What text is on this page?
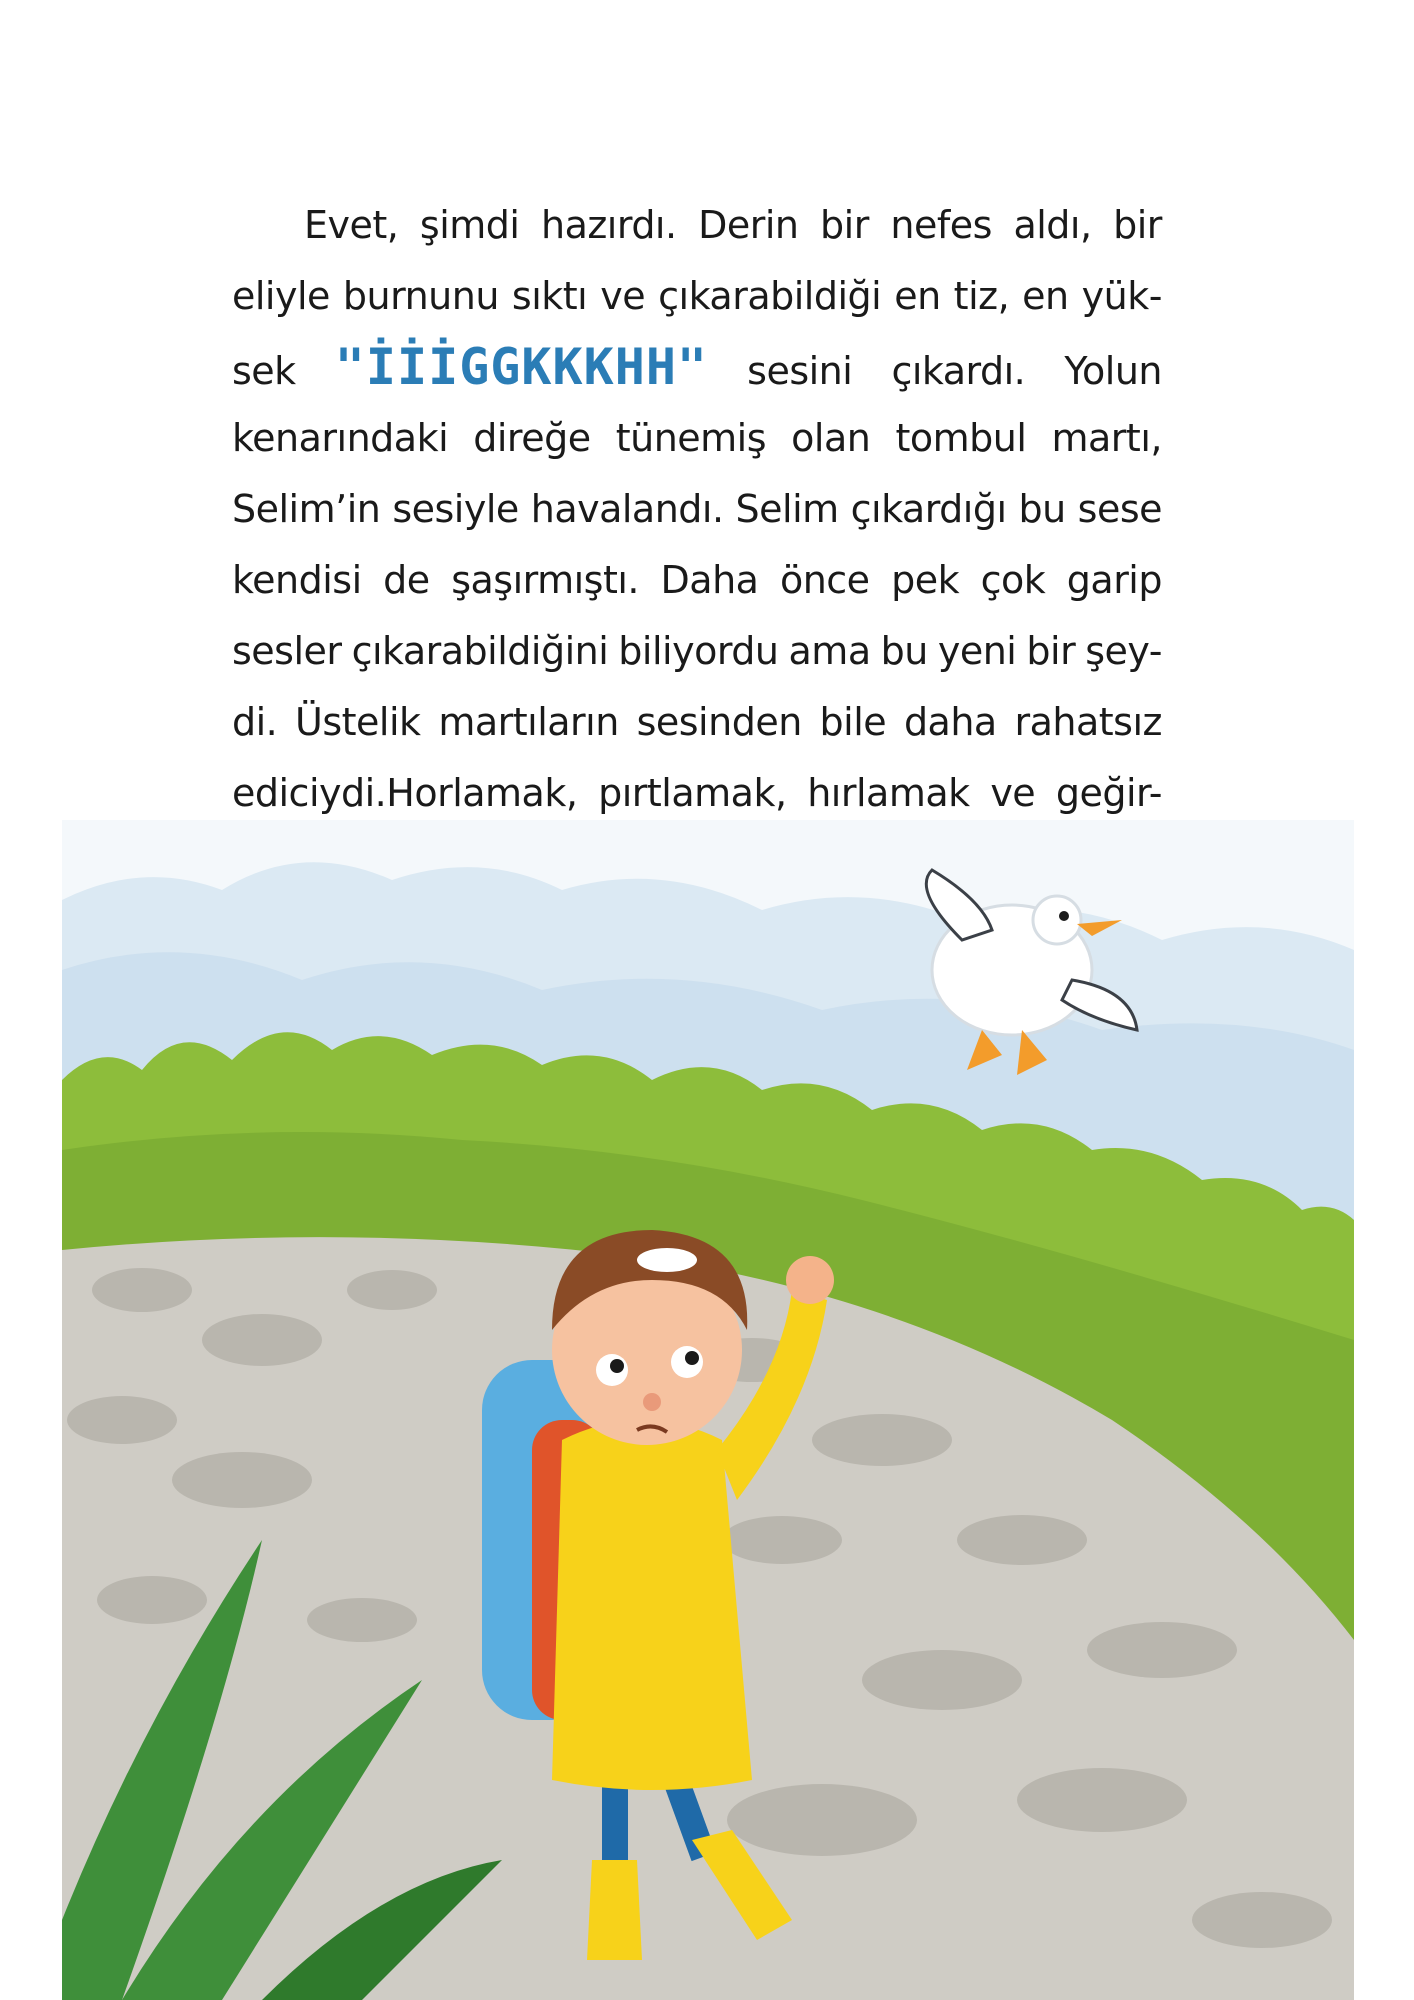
Evet, şimdi hazırdı. Derin bir nefes aldı, bir
eliyle burnunu sıktı ve çıkarabildiği en tiz, en yük-
sek "İİİGGKKKHH" sesini çıkardı. Yolun
kenarındaki direğe tünemiş olan tombul martı,
Selim’in sesiyle havalandı. Selim çıkardığı bu sese
kendisi de şaşırmıştı. Daha önce pek çok garip
sesler çıkarabildiğini biliyordu ama bu yeni bir şey-
di. Üstelik martıların sesinden bile daha rahatsız
ediciydi.Horlamak, pırtlamak, hırlamak ve geğir-
